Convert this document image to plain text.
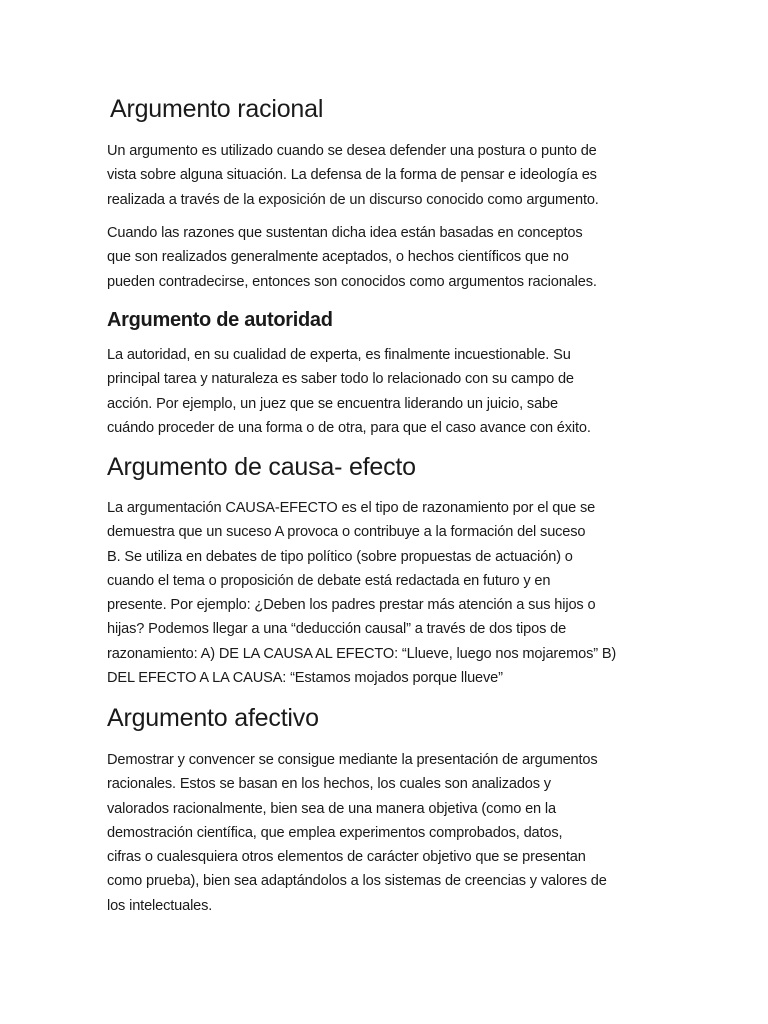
Argumento racional
Un argumento es utilizado cuando se desea defender una postura o punto de
vista sobre alguna situación. La defensa de la forma de pensar e ideología es
realizada a través de la exposición de un discurso conocido como argumento.
Cuando las razones que sustentan dicha idea están basadas en conceptos
que son realizados generalmente aceptados, o hechos científicos que no
pueden contradecirse, entonces son conocidos como argumentos racionales.
Argumento de autoridad
La autoridad, en su cualidad de experta, es finalmente incuestionable. Su
principal tarea y naturaleza es saber todo lo relacionado con su campo de
acción. Por ejemplo, un juez que se encuentra liderando un juicio, sabe
cuándo proceder de una forma o de otra, para que el caso avance con éxito.
Argumento de causa- efecto
La argumentación CAUSA-EFECTO es el tipo de razonamiento por el que se
demuestra que un suceso A provoca o contribuye a la formación del suceso
B. Se utiliza en debates de tipo político (sobre propuestas de actuación) o
cuando el tema o proposición de debate está redactada en futuro y en
presente. Por ejemplo: ¿Deben los padres prestar más atención a sus hijos o
hijas? Podemos llegar a una “deducción causal” a través de dos tipos de
razonamiento: A) DE LA CAUSA AL EFECTO: “Llueve, luego nos mojaremos” B)
DEL EFECTO A LA CAUSA: “Estamos mojados porque llueve”
Argumento afectivo
Demostrar y convencer se consigue mediante la presentación de argumentos
racionales. Estos se basan en los hechos, los cuales son analizados y
valorados racionalmente, bien sea de una manera objetiva (como en la
demostración científica, que emplea experimentos comprobados, datos,
cifras o cualesquiera otros elementos de carácter objetivo que se presentan
como prueba), bien sea adaptándolos a los sistemas de creencias y valores de
los intelectuales.
